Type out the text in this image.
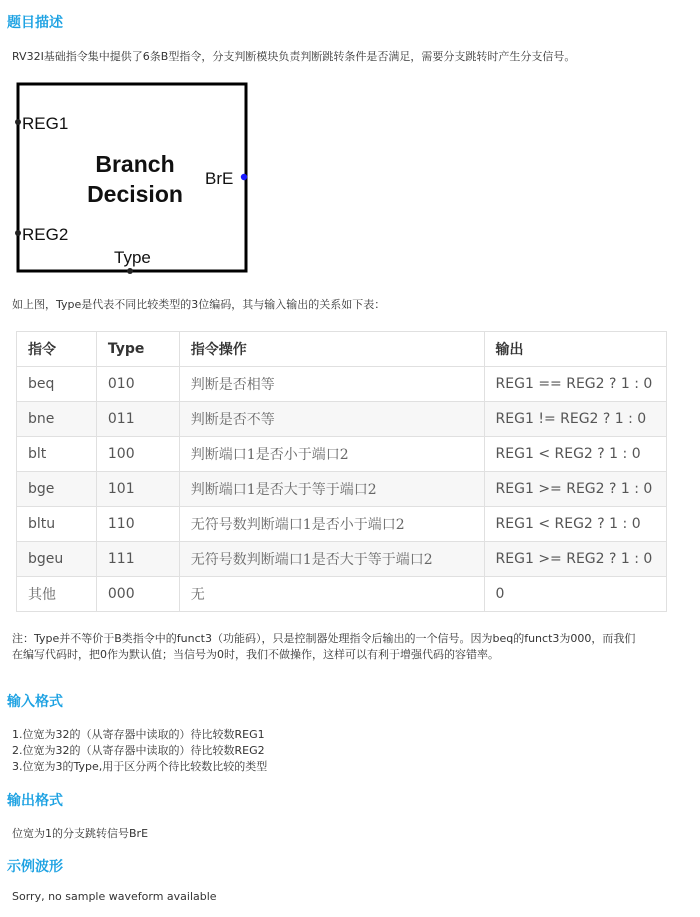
题目描述

RV32I基础指令集中提供了6条B型指令，分支判断模块负责判断跳转条件是否满足，需要分支跳转时产生分支信号。

REG1
REG2
Type
BrE
Branch
Decision

如上图，Type是代表不同比较类型的3位编码，其与输入输出的关系如下表：

指令	Type	指令操作	输出
beq	010	判断是否相等	REG1 == REG2 ? 1 : 0
bne	011	判断是否不等	REG1 != REG2 ? 1 : 0
blt	100	判断端口1是否小于端口2	REG1 < REG2 ? 1 : 0
bge	101	判断端口1是否大于等于端口2	REG1 >= REG2 ? 1 : 0
bltu	110	无符号数判断端口1是否小于端口2	REG1 < REG2 ? 1 : 0
bgeu	111	无符号数判断端口1是否大于等于端口2	REG1 >= REG2 ? 1 : 0
其他	000	无	0
注：Type并不等价于B类指令中的funct3（功能码），只是控制器处理指令后输出的一个信号。因为beq的funct3为000，而我们
在编写代码时，把0作为默认值；当信号为0时，我们不做操作，这样可以有利于增强代码的容错率。
输入格式
1.位宽为32的（从寄存器中读取的）待比较数REG1
2.位宽为32的（从寄存器中读取的）待比较数REG2
3.位宽为3的Type,用于区分两个待比较数比较的类型
输出格式

位宽为1的分支跳转信号BrE

示例波形

Sorry, no sample waveform available
